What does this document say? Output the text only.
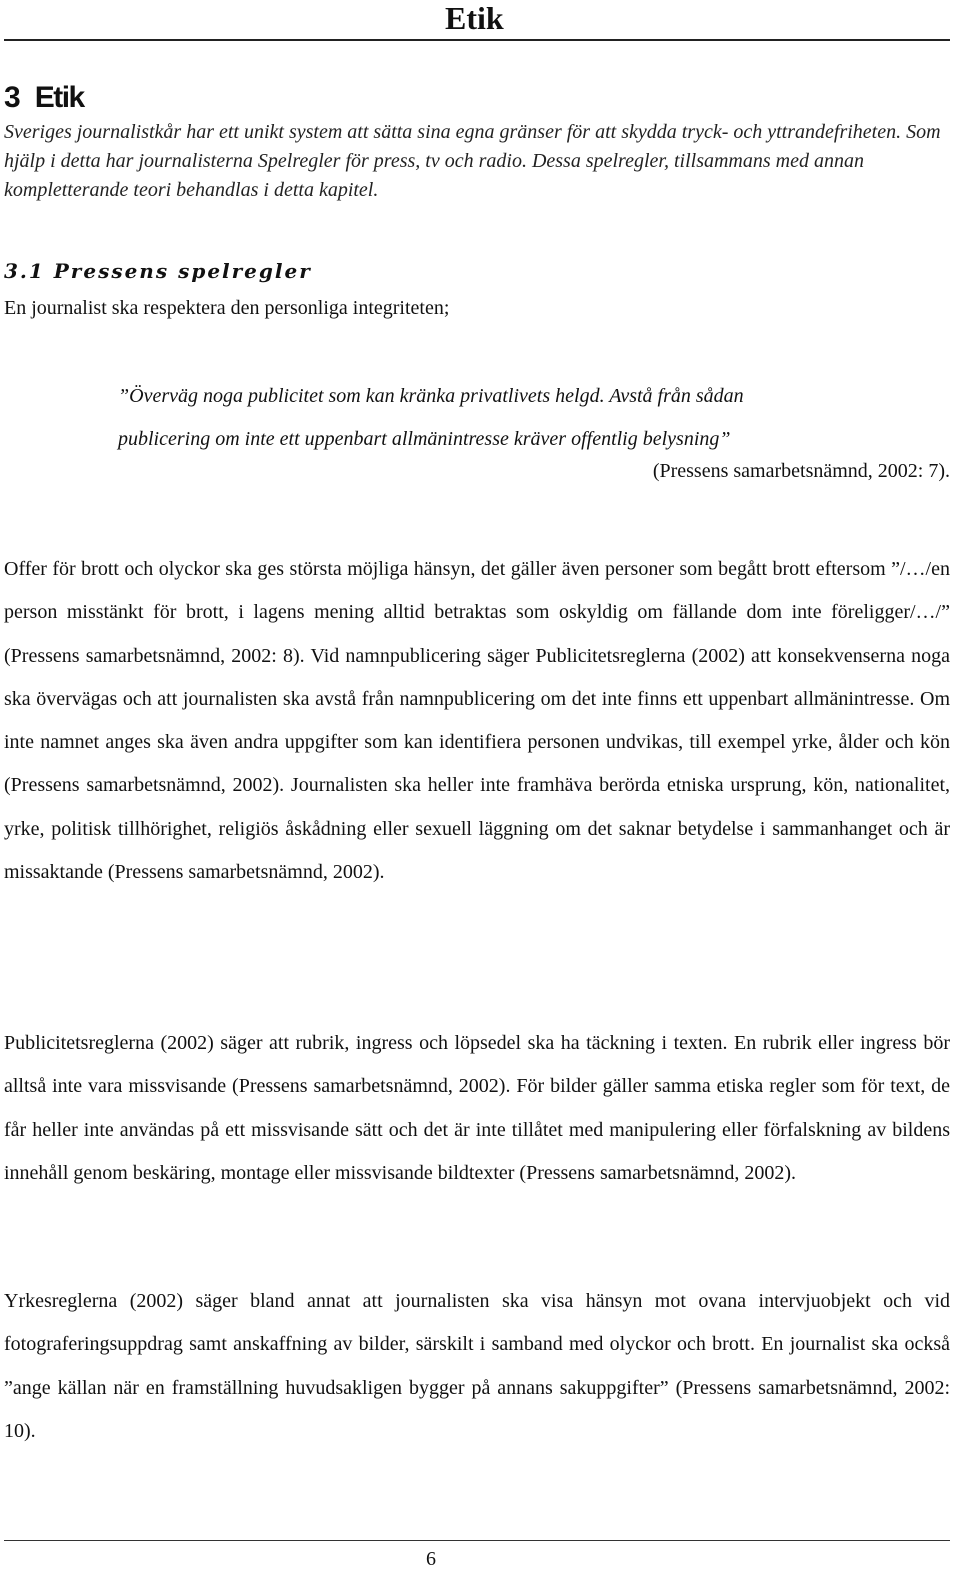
Etik
3 Etik
Sveriges journalistkår har ett unikt system att sätta sina egna gränser för att skydda tryck- och yttrandefriheten. Som hjälp i detta har journalisterna Spelregler för press, tv och radio. Dessa spelregler, tillsammans med annan kompletterande teori behandlas i detta kapitel.
3.1 Pressens spelregler
En journalist ska respektera den personliga integriteten;
”Överväg noga publicitet som kan kränka privatlivets helgd. Avstå från sådan
publicering om inte ett uppenbart allmänintresse kräver offentlig belysning”
(Pressens samarbetsnämnd, 2002: 7).
Offer för brott och olyckor ska ges största möjliga hänsyn, det gäller även personer som begått brott eftersom ”/…/en person misstänkt för brott, i lagens mening alltid betraktas som oskyldig om fällande dom inte föreligger/…/” (Pressens samarbetsnämnd, 2002: 8). Vid namnpublicering säger Publicitetsreglerna (2002) att konsekvenserna noga ska övervägas och att journalisten ska avstå från namnpublicering om det inte finns ett uppenbart allmänintresse. Om inte namnet anges ska även andra uppgifter som kan identifiera personen undvikas, till exempel yrke, ålder och kön (Pressens samarbetsnämnd, 2002). Journalisten ska heller inte framhäva berörda etniska ursprung, kön, nationalitet, yrke, politisk tillhörighet, religiös åskådning eller sexuell läggning om det saknar betydelse i sammanhanget och är missaktande (Pressens samarbetsnämnd, 2002).
Publicitetsreglerna (2002) säger att rubrik, ingress och löpsedel ska ha täckning i texten. En rubrik eller ingress bör alltså inte vara missvisande (Pressens samarbetsnämnd, 2002). För bilder gäller samma etiska regler som för text, de får heller inte användas på ett missvisande sätt och det är inte tillåtet med manipulering eller förfalskning av bildens innehåll genom beskäring, montage eller missvisande bildtexter (Pressens samarbetsnämnd, 2002).
Yrkesreglerna (2002) säger bland annat att journalisten ska visa hänsyn mot ovana intervjuobjekt och vid fotograferingsuppdrag samt anskaffning av bilder, särskilt i samband med olyckor och brott. En journalist ska också ”ange källan när en framställning huvudsakligen bygger på annans sakuppgifter” (Pressens samarbetsnämnd, 2002: 10).
6
